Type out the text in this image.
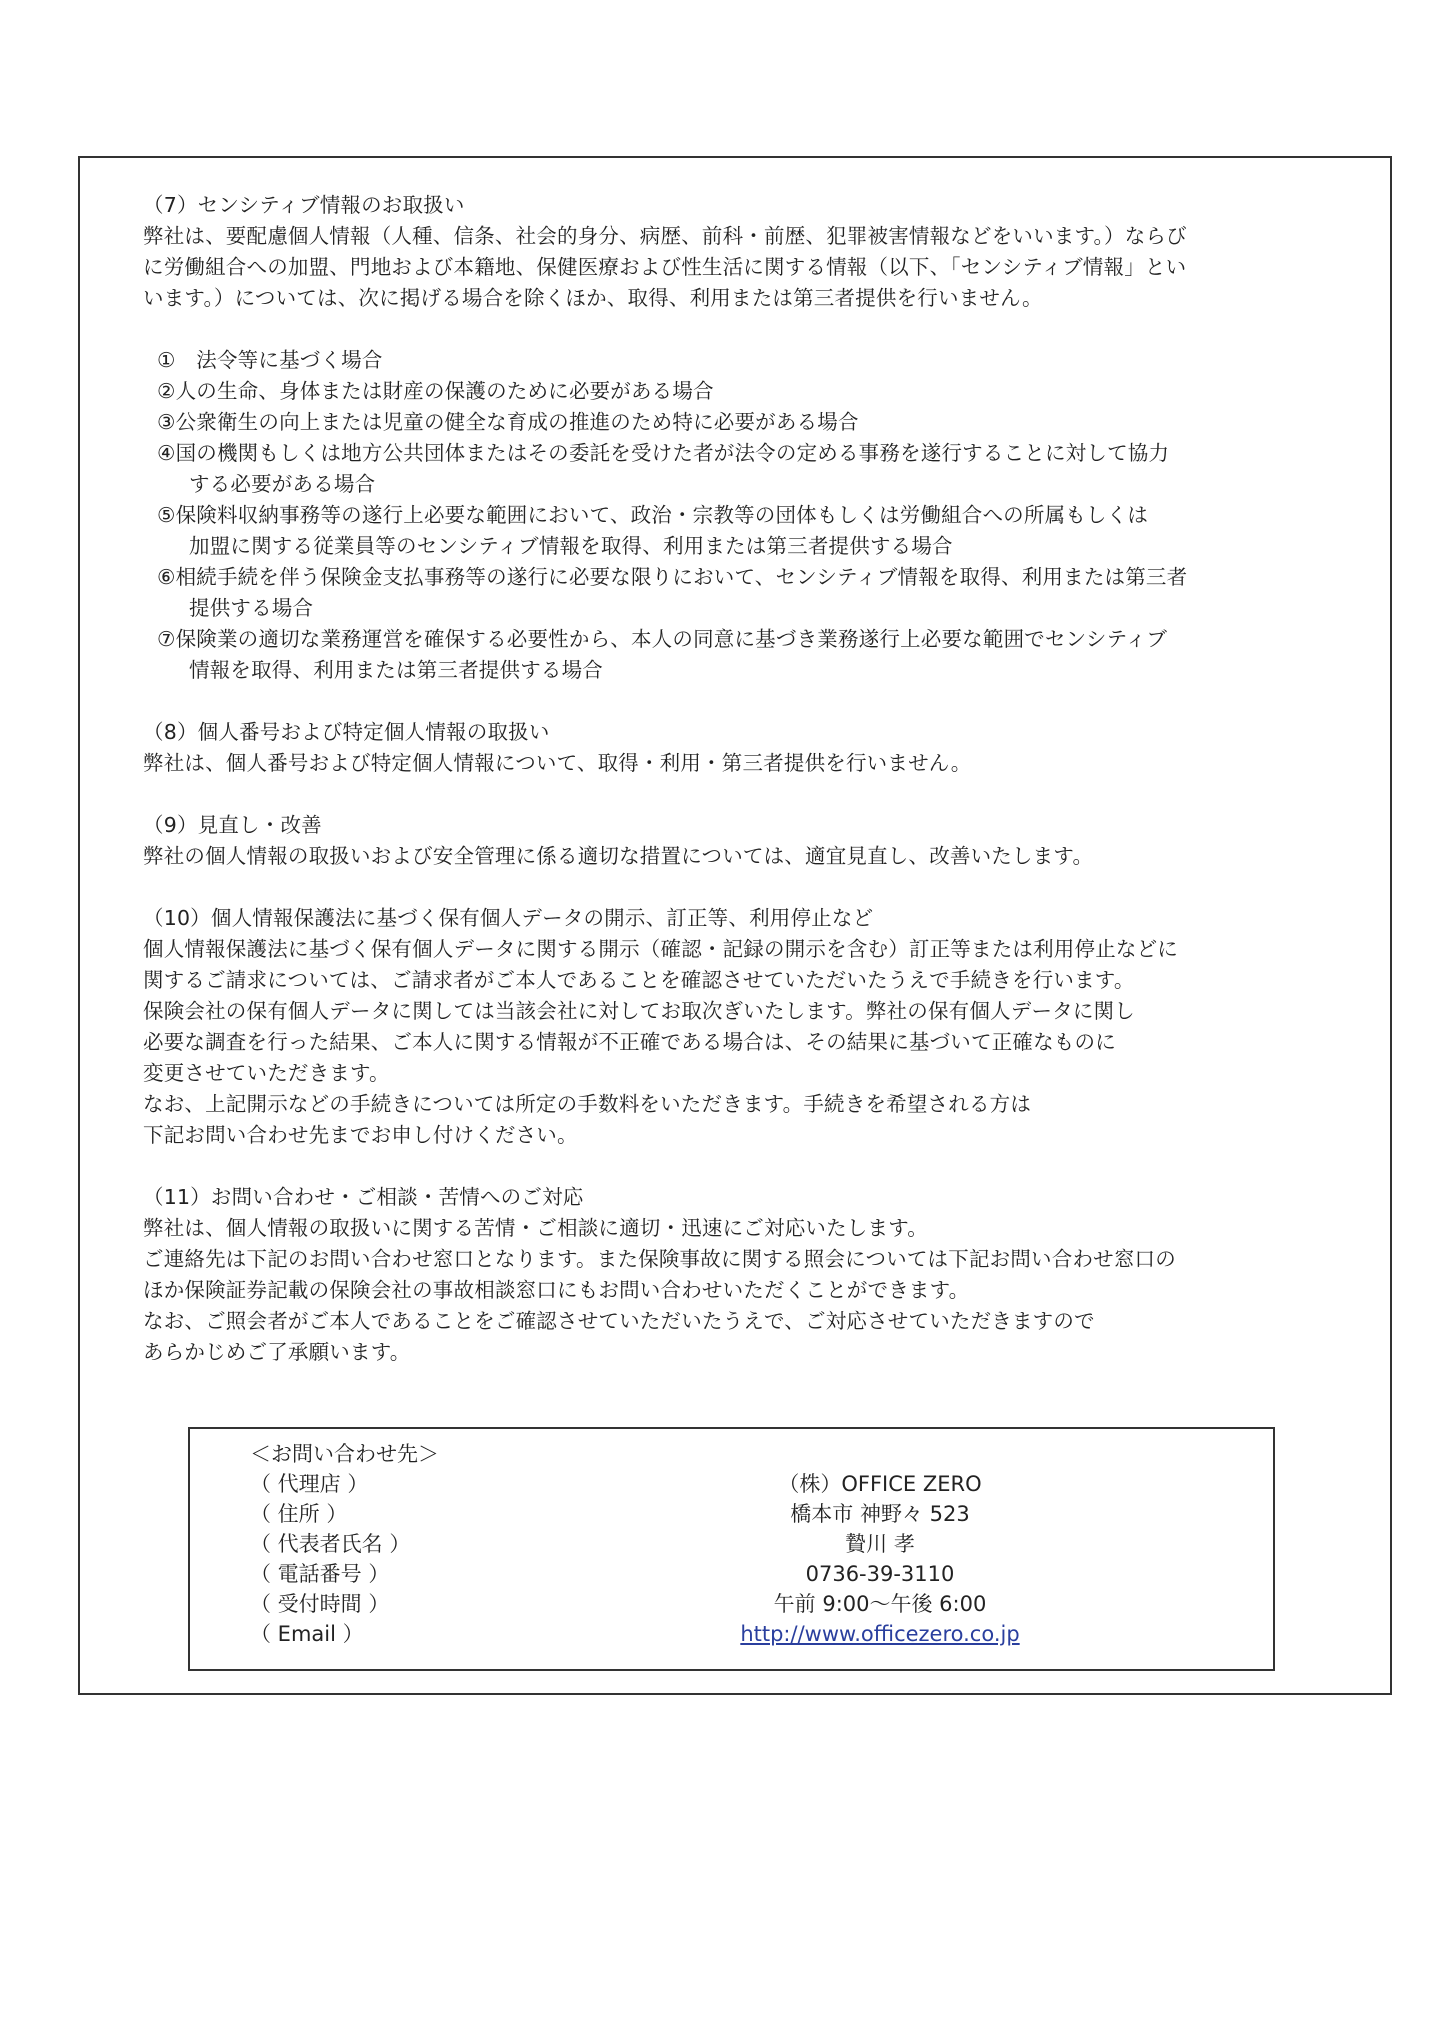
（7）センシティブ情報のお取扱い
弊社は、要配慮個人情報（人種、信条、社会的身分、病歴、前科・前歴、犯罪被害情報などをいいます。）ならび
に労働組合への加盟、門地および本籍地、保健医療および性生活に関する情報（以下、「センシティブ情報」とい
います。）については、次に掲げる場合を除くほか、取得、利用または第三者提供を行いません。
①　法令等に基づく場合
②人の生命、身体または財産の保護のために必要がある場合
③公衆衛生の向上または児童の健全な育成の推進のため特に必要がある場合
④国の機関もしくは地方公共団体またはその委託を受けた者が法令の定める事務を遂行することに対して協力
する必要がある場合
⑤保険料収納事務等の遂行上必要な範囲において、政治・宗教等の団体もしくは労働組合への所属もしくは
加盟に関する従業員等のセンシティブ情報を取得、利用または第三者提供する場合
⑥相続手続を伴う保険金支払事務等の遂行に必要な限りにおいて、センシティブ情報を取得、利用または第三者
提供する場合
⑦保険業の適切な業務運営を確保する必要性から、本人の同意に基づき業務遂行上必要な範囲でセンシティブ
情報を取得、利用または第三者提供する場合
（8）個人番号および特定個人情報の取扱い
弊社は、個人番号および特定個人情報について、取得・利用・第三者提供を行いません。
（9）見直し・改善
弊社の個人情報の取扱いおよび安全管理に係る適切な措置については、適宜見直し、改善いたします。
（10）個人情報保護法に基づく保有個人データの開示、訂正等、利用停止など
個人情報保護法に基づく保有個人データに関する開示（確認・記録の開示を含む）訂正等または利用停止などに
関するご請求については、ご請求者がご本人であることを確認させていただいたうえで手続きを行います。
保険会社の保有個人データに関しては当該会社に対してお取次ぎいたします。弊社の保有個人データに関し
必要な調査を行った結果、ご本人に関する情報が不正確である場合は、その結果に基づいて正確なものに
変更させていただきます。
なお、上記開示などの手続きについては所定の手数料をいただきます。手続きを希望される方は
下記お問い合わせ先までお申し付けください。
（11）お問い合わせ・ご相談・苦情へのご対応
弊社は、個人情報の取扱いに関する苦情・ご相談に適切・迅速にご対応いたします。
ご連絡先は下記のお問い合わせ窓口となります。また保険事故に関する照会については下記お問い合わせ窓口の
ほか保険証券記載の保険会社の事故相談窓口にもお問い合わせいただくことができます。
なお、ご照会者がご本人であることをご確認させていただいたうえで、ご対応させていただきますので
あらかじめご了承願います。
＜お問い合わせ先＞
（ 代理店 ）	（株）OFFICE ZERO
（ 住所 ）	橋本市 神野々 523
（ 代表者氏名 ）	贄川 孝
（ 電話番号 ）	0736-39-3110
（ 受付時間 ）	午前 9:00～午後 6:00
（ Email ）	http://www.officezero.co.jp
